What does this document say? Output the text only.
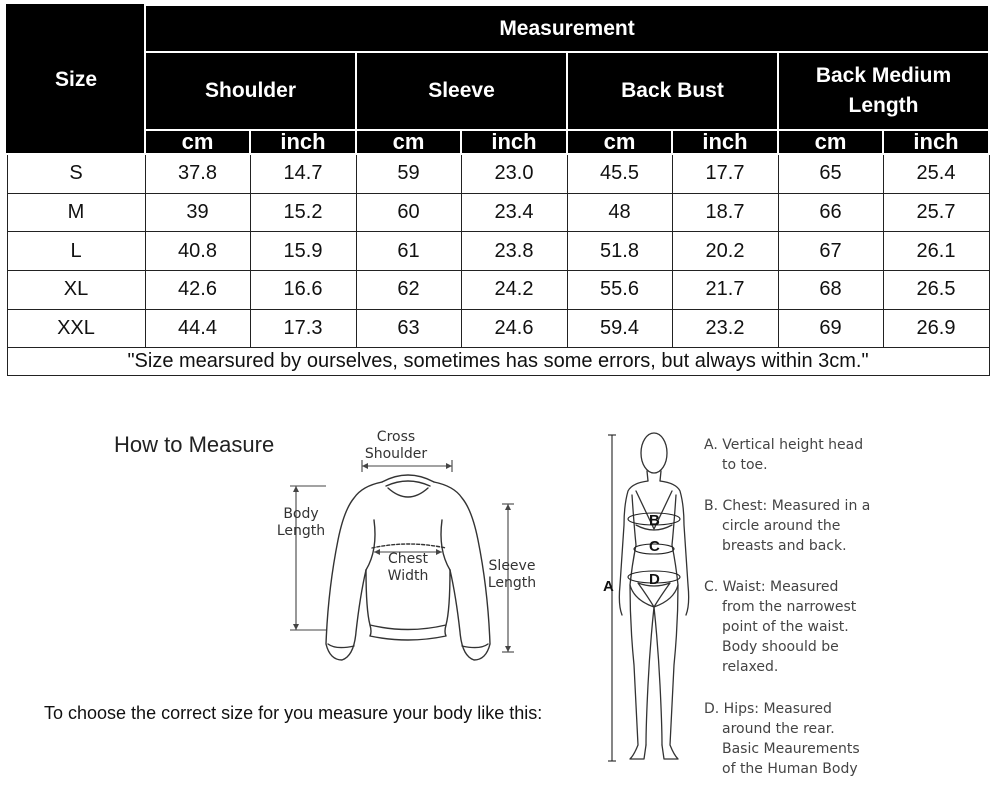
Size	Measurement							
	Shoulder		Sleeve		Back Bust		Back Medium
Length	
	cm	inch	cm	inch	cm	inch	cm	inch
S	37.8	14.7	59	23.0	45.5	17.7	65	25.4
M	39	15.2	60	23.4	48	18.7	66	25.7
L	40.8	15.9	61	23.8	51.8	20.2	67	26.1
XL	42.6	16.6	62	24.2	55.6	21.7	68	26.5
XXL	44.4	17.3	63	24.6	59.4	23.2	69	26.9
"Size mearsured by ourselves, sometimes has some errors, but always within 3cm."								
How to Measure	Cross
Shoulder
Body
Length
Chest
Width
Sleeve
Length
To choose the correct size for you measure your body like this:
B
C
D
A
A. Vertical height head
to toe.
B. Chest: Measured in a
circle around the
breasts and back.
C. Waist: Measured
from the narrowest
point of the waist.
Body shoould be
relaxed.
D. Hips: Measured
around the rear.
Basic Meaurements
of the Human Body
